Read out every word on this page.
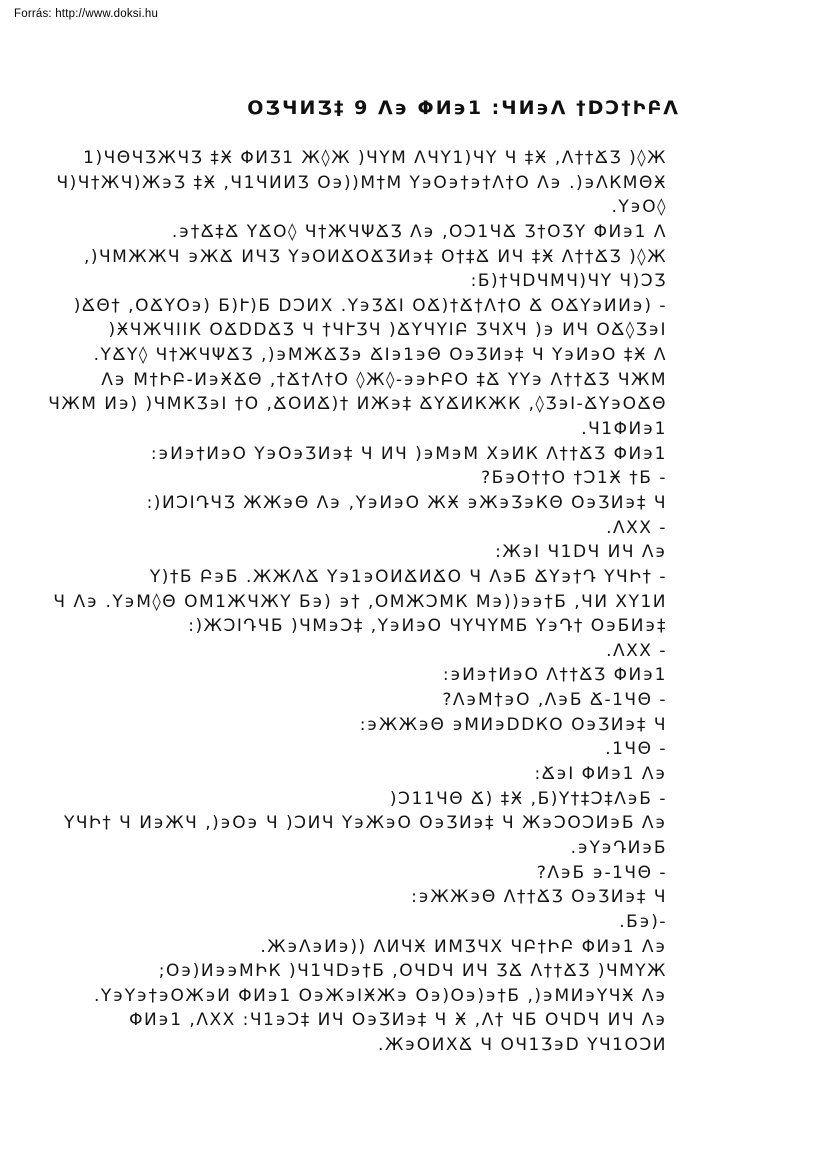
Forrás: http://www.doksi.hu
ΟƷЧИƷ‡ 9 Λ϶ ΦИ϶1 :ЧИ϶Λ †DƆ†ԻԲΛ
1)ЧΘЧƷЖЧƷ ‡Ӿ ΦИƷ1 Ж◊Ж )ЧYМ ΛЧY1)ЧY Ч ‡Ӿ ,Λ††ՃƷ )◊Ж
Ч)Ч†ЖЧ)Ж϶Ʒ ‡Ӿ ,Ч1ЧИИƷ Ο϶))М†М Y϶Ο϶†϶†Λ†Ο Λ϶ .)϶ΛКМΘӾ
.Y϶Ο◊
.϶†Ճ‡Ճ YՃΟ◊ Ч†ЖЧΨՃƷ Λ϶ ,ΟƆ1ЧՃ Ʒ†ΟƷY ΦИ϶1 Λ
,)ЧМЖЖЧ ϶ЖՃ ИЧƷ Y϶ΟИՃΟՃƷИ϶‡ Ο†‡Ճ ИЧ ‡Ӿ Λ††ՃƷ )◊Ж
:Б)†ЧDЧМЧ)ЧY Ч)ƆƷ
)ՃΘ† ,ΟՃYΟ϶) Б)Ւ)Б DƆИХ .Y϶ƷՃI ΟՃ)†Ճ†Λ†Ο Ճ ΟՃY϶ИИ϶) -
)ӾЧЖЧIIК ΟՃDDՃƷ Ч †ЧՒƷЧ )ՃYЧYIԲ ƷЧХЧ )϶ ИЧ ΟՃ◊Ʒ϶I
.YՃY◊ Ч†ЖЧΨՃƷ ,)϶МЖՃƷ϶ ՃI϶1϶Θ Ο϶ƷИ϶‡ Ч Y϶И϶Ο ‡Ӿ Λ
Λ϶ М†ԻԲ-И϶ӾՃΘ ,†Ճ†Λ†Ο ◊Ж◊-϶϶ԻԲΟ ‡Ճ YY϶ Λ††ՃƷ ЧЖМ
ЧЖМ И϶) )ЧМКƷ϶I †Ο ,ՃΟИՃ)† ИЖ϶‡ ՃYՃИКЖК ,◊Ʒ϶I-ՃY϶ΟՃΘ
.Ч1ΦИ϶1
:϶И϶†И϶Ο Y϶Ο϶ƷИ϶‡ Ч ИЧ )϶М϶М Х϶ИК Λ††ՃƷ ΦИ϶1
?Б϶Ο††Ο †Ɔ1Ӿ †Б -
:)ИƆIԴЧƷ ЖЖ϶Θ Λ϶ ,Y϶И϶Ο ЖӾ ϶Ж϶Ʒ϶КΘ Ο϶ƷИ϶‡ Ч
.ΛХХ -
:Ж϶I Ч1DЧ ИЧ Λ϶
Y)†Б Բ϶Б .ЖЖΛՃ Y϶1϶ΟИՃИՃΟ Ч Λ϶Б ՃY϶†Դ YЧԻ† -
Ч Λ϶ .Y϶М◊Θ ΟМ1ЖЧЖY Б϶) ϶† ,ΟМЖƆМК М϶))϶϶†Б ,ЧИ ХY1И
:)ЖƆIԴЧБ )ЧМ϶Ɔ‡ ,Y϶И϶Ο ЧYЧYМБ Y϶Դ† Ο϶БИ϶‡
.ΛХХ -
:϶И϶†И϶Ο Λ††ՃƷ ΦИ϶1
?Λ϶М†϶Ο ,Λ϶Б Ճ-1ЧΘ -
:϶ЖЖ϶Θ ϶МИ϶DDКΟ Ο϶ƷИ϶‡ Ч
.1ЧΘ -
:Ճ϶I ΦИ϶1 Λ϶
)Ɔ11ЧΘ Ճ) ‡Ӿ ,Б)Y†‡Ɔ‡Λ϶Б -
YЧԻ† Ч И϶ЖЧ ,)϶Ο϶ Ч )ƆИЧ Y϶Ж϶Ο Ο϶ƷИ϶‡ Ч Ж϶ƆΟƆИ϶Б Λ϶
.϶Y϶ԴИ϶Б
?Λ϶Б ϶-1ЧΘ -
:϶ЖЖ϶Θ Λ††ՃƷ Ο϶ƷИ϶‡ Ч
.Б϶)-
.Ж϶Λ϶И϶)) ΛИЧӾ ИМƷЧХ ЧԲ†ԻԲ ΦИ϶1 Λ϶
;Ο϶)И϶϶МԻК )Ч1ЧD϶†Б ,ΟЧDЧ ИЧ ƷՃ Λ††ՃƷ )ЧМYЖ
.Y϶Y϶†϶ΟЖ϶И ΦИ϶1 Ο϶Ж϶IӾЖ϶ Ο϶)Ο϶)϶†Б ,)϶МИ϶YЧӾ Λ϶
ΦИ϶1 ,ΛХХ :Ч1϶Ɔ‡ ИЧ Ο϶ƷИ϶‡ Ч Ӿ ,Λ† ЧБ ΟЧDЧ ИЧ Λ϶
.Ж϶ΟИХՃ Ч ΟЧ1Ʒ϶D YЧ1ΟƆИ
